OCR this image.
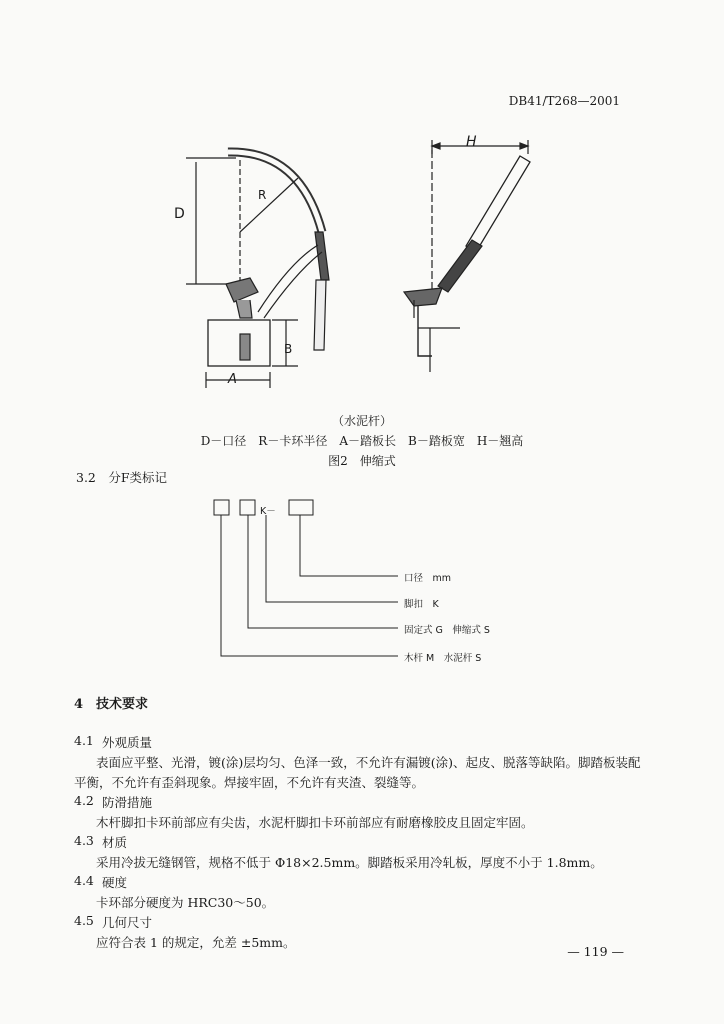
DB41/T268—2001
D
R
A
B
H
（水泥杆）
D－口径　R－卡环半径　A－踏板长　B－踏板宽　H－翘高
图2　伸缩式
3.2　分F类标记
K－
口径　mm
脚扣　K
固定式 G　伸缩式 S
木杆 M　水泥杆 S
4　技术要求
4.1 外观质量
表面应平整、光滑，镀(涂)层均匀、色泽一致，不允许有漏镀(涂)、起皮、脱落等缺陷。脚踏板装配
平衡，不允许有歪斜现象。焊接牢固，不允许有夹渣、裂缝等。
4.2 防滑措施
木杆脚扣卡环前部应有尖齿，水泥杆脚扣卡环前部应有耐磨橡胶皮且固定牢固。
4.3 材质
采用冷拔无缝钢管，规格不低于 Φ18×2.5mm。脚踏板采用冷轧板，厚度不小于 1.8mm。
4.4 硬度
卡环部分硬度为 HRC30～50。
4.5 几何尺寸
应符合表 1 的规定，允差 ±5mm。
— 119 —
